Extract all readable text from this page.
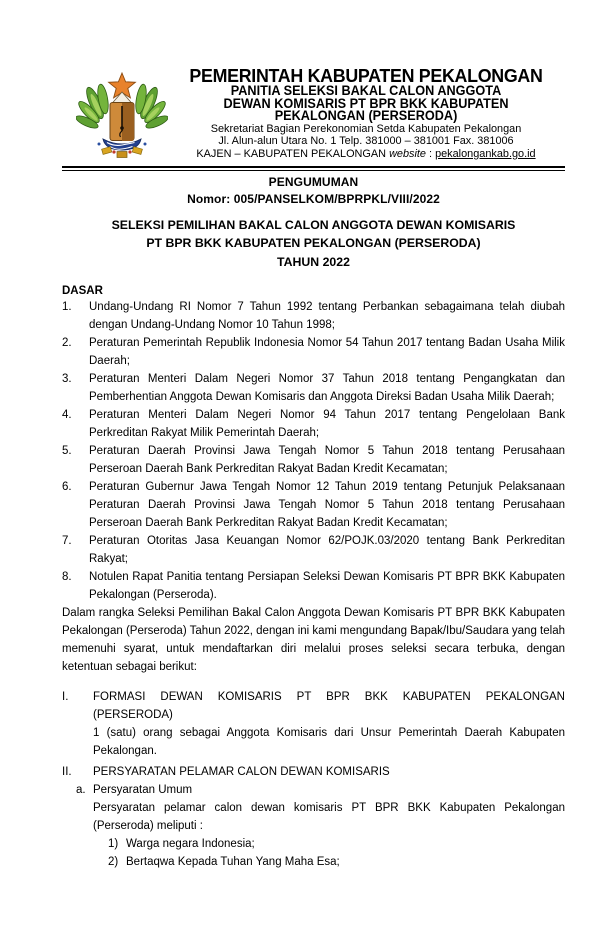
PEMERINTAH KABUPATEN PEKALONGAN
PANITIA SELEKSI BAKAL CALON ANGGOTA
DEWAN KOMISARIS PT BPR BKK KABUPATEN
PEKALONGAN (PERSERODA)
Sekretariat Bagian Perekonomian Setda Kabupaten Pekalongan
Jl. Alun-alun Utara No. 1 Telp. 381000 – 381001 Fax. 381006
KAJEN – KABUPATEN PEKALONGAN website : pekalongankab.go.id
PENGUMUMAN
Nomor: 005/PANSELKOM/BPRPKL/VIII/2022
SELEKSI PEMILIHAN BAKAL CALON ANGGOTA DEWAN KOMISARIS
PT BPR BKK KABUPATEN PEKALONGAN (PERSERODA)
TAHUN 2022
DASAR
1.	Undang-Undang RI Nomor 7 Tahun 1992 tentang Perbankan sebagaimana telah diubah dengan Undang-Undang Nomor 10 Tahun 1998;
2.	Peraturan Pemerintah Republik Indonesia Nomor 54 Tahun 2017 tentang Badan Usaha Milik Daerah;
3.	Peraturan Menteri Dalam Negeri Nomor 37 Tahun 2018 tentang Pengangkatan dan Pemberhentian Anggota Dewan Komisaris dan Anggota Direksi Badan Usaha Milik Daerah;
4.	Peraturan Menteri Dalam Negeri Nomor 94 Tahun 2017 tentang Pengelolaan Bank Perkreditan Rakyat Milik Pemerintah Daerah;
5.	Peraturan Daerah Provinsi Jawa Tengah Nomor 5 Tahun 2018 tentang Perusahaan Perseroan Daerah Bank Perkreditan Rakyat Badan Kredit Kecamatan;
6.	Peraturan Gubernur Jawa Tengah Nomor 12 Tahun 2019 tentang Petunjuk Pelaksanaan Peraturan Daerah Provinsi Jawa Tengah Nomor 5 Tahun 2018 tentang Perusahaan Perseroan Daerah Bank Perkreditan Rakyat Badan Kredit Kecamatan;
7.	Peraturan Otoritas Jasa Keuangan Nomor 62/POJK.03/2020 tentang Bank Perkreditan Rakyat;
8.	Notulen Rapat Panitia tentang Persiapan Seleksi Dewan Komisaris PT BPR BKK Kabupaten Pekalongan (Perseroda).

Dalam rangka Seleksi Pemilihan Bakal Calon Anggota Dewan Komisaris PT BPR BKK Kabupaten Pekalongan (Perseroda) Tahun 2022, dengan ini kami mengundang Bapak/Ibu/Saudara yang telah memenuhi syarat, untuk mendaftarkan diri melalui proses seleksi secara terbuka, dengan ketentuan sebagai berikut:

I.	FORMASI DEWAN KOMISARIS PT BPR BKK KABUPATEN PEKALONGAN (PERSERODA)
1 (satu) orang sebagai Anggota Komisaris dari Unsur Pemerintah Daerah Kabupaten Pekalongan.
II.	PERSYARATAN PELAMAR CALON DEWAN KOMISARIS
a. Persyaratan Umum
Persyaratan pelamar calon dewan komisaris PT BPR BKK Kabupaten Pekalongan (Perseroda) meliputi :
1) Warga negara Indonesia;
2) Bertaqwa Kepada Tuhan Yang Maha Esa;
